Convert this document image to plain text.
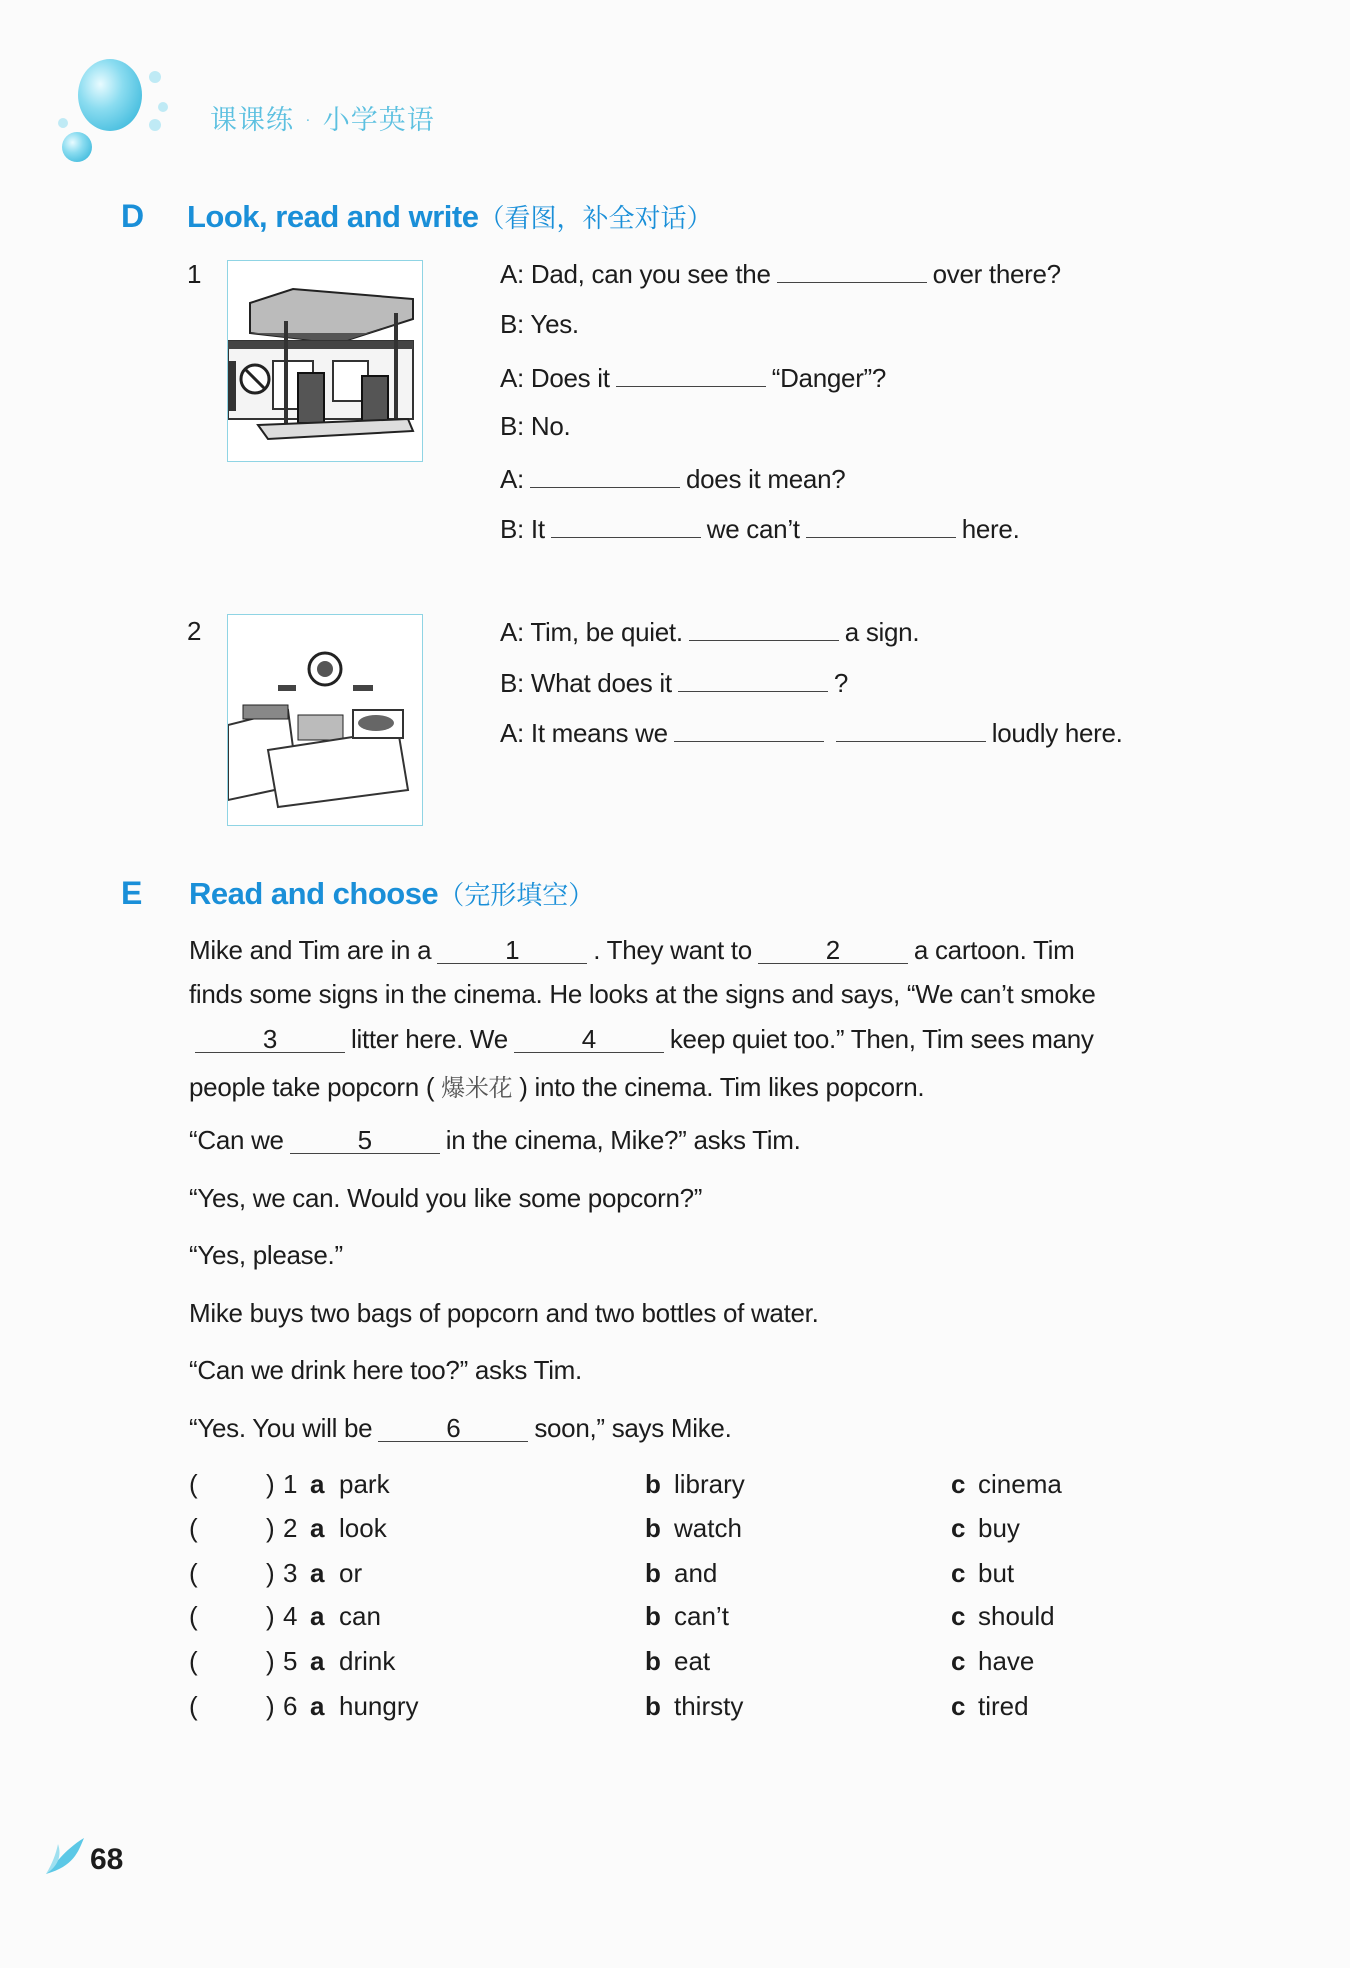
课课练 · 小学英语
D Look, read and write（看图，补全对话）
1	A: Dad, can you see the	over there?
B: Yes.
A: Does it	“Danger”?
B: No.
A:	does it mean?
B: It	we can’t	here.
2	A: Tim, be quiet.	a sign.
B: What does it	?
A: It means we	loudly here.
E Read and choose（完形填空）
Mike and Tim are in a	1	. They want to	2	a cartoon. Tim
finds some signs in the cinema. He looks at the signs and says, “We can’t smoke
3	litter here. We	4	keep quiet too.” Then, Tim sees many
people take popcorn ( 爆米花 ) into the cinema. Tim likes popcorn.
“Can we	5	in the cinema, Mike?” asks Tim.
“Yes, we can. Would you like some popcorn?”
“Yes, please.”
Mike buys two bags of popcorn and two bottles of water.
“Can we drink here too?” asks Tim.
“Yes. You will be	6	soon,” says Mike.
(	) 1 a park	b library	c cinema
(	) 2 a look	b watch	c buy
(	) 3 a or	b and	c but
(	) 4 a can	b can’t	c should
(	) 5 a drink	b eat	c have
(	) 6 a hungry	b thirsty	c tired
68
